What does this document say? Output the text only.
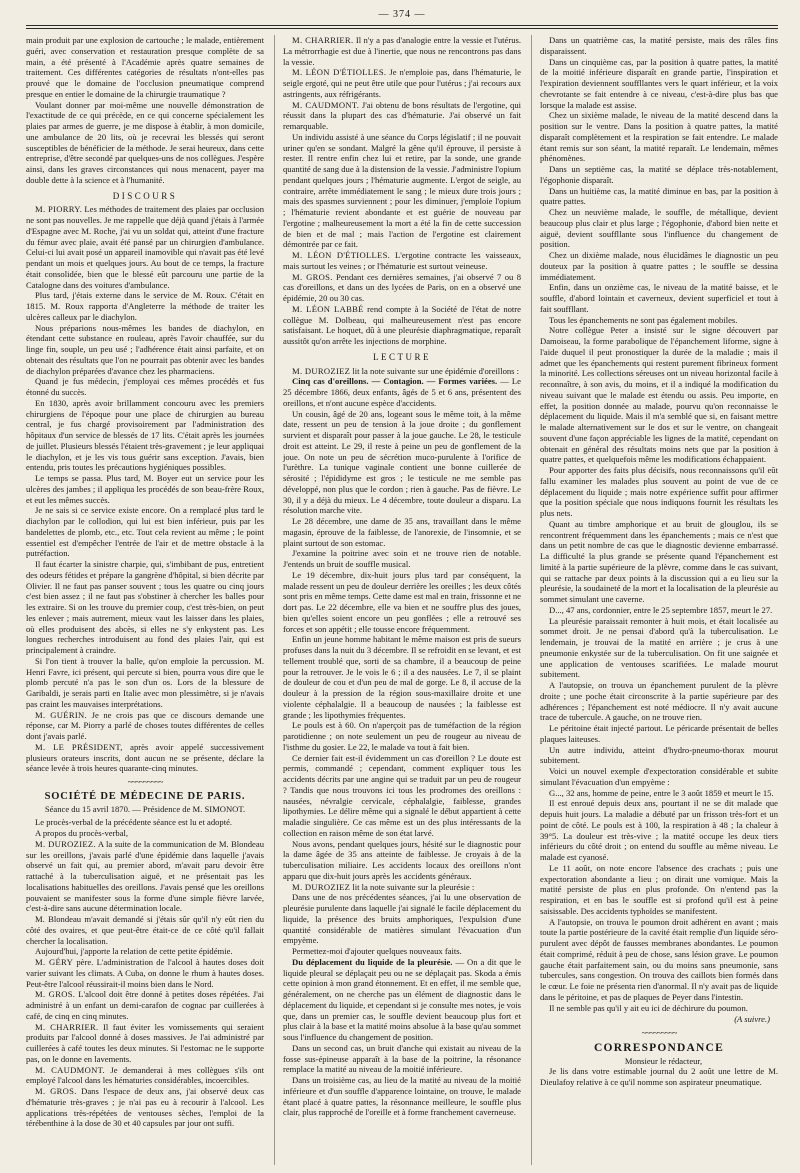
— 374 —

main produit par une explosion de cartouche ; le malade, entièrement guéri, avec conservation et restauration presque complète de sa main, a été présenté à l'Académie après quatre semaines de traitement. Ces différentes catégories de résultats n'ont-elles pas prouvé que le domaine de l'occlusion pneumatique comprend presque en entier le domaine de la chirurgie traumatique ?

Voulant donner par moi-même une nouvelle démonstration de l'exactitude de ce qui précède, en ce qui concerne spécialement les plaies par armes de guerre, je me dispose à établir, à mon domicile, une ambulance de 20 lits, où je recevrai les blessés qui seront susceptibles de bénéficier de la méthode. Je serai heureux, dans cette entreprise, d'être secondé par quelques-uns de nos collègues. J'espère ainsi, dans les graves circonstances qui nous menacent, payer ma double dette à la science et à l'humanité.

DISCOURS

M. PIORRY. Les méthodes de traitement des plaies par occlusion ne sont pas nouvelles. Je me rappelle que déjà quand j'étais à l'armée d'Espagne avec M. Roche, j'ai vu un soldat qui, atteint d'une fracture du fémur avec plaie, avait été pansé par un chirurgien d'ambulance. Celui-ci lui avait posé un appareil inamovible qui n'avait pas été levé pendant un mois et quelques jours. Au bout de ce temps, la fracture était consolidée, bien que le blessé eût parcouru une partie de la Catalogne dans des voitures d'ambulance.

Plus tard, j'étais externe dans le service de M. Roux. C'était en 1815. M. Roux rapporta d'Angleterre la méthode de traiter les ulcères calleux par le diachylon.

Nous préparions nous-mêmes les bandes de diachylon, en étendant cette substance en rouleau, après l'avoir chauffée, sur du linge fin, souple, un peu usé ; l'adhérence était ainsi parfaite, et on obtenait des résultats que l'on ne pourrait pas obtenir avec les bandes de diachylon préparées d'avance chez les pharmaciens.

Quand je fus médecin, j'employai ces mêmes procédés et fus étonné du succès.

En 1830, après avoir brillamment concouru avec les premiers chirurgiens de l'époque pour une place de chirurgien au bureau central, je fus chargé provisoirement par l'administration des hôpitaux d'un service de blessés de 17 lits. C'était après les journées de juillet. Plusieurs blessés l'étaient très-gravement ; je leur appliquai le diachylon, et je les vis tous guérir sans exception. J'avais, bien entendu, pris toutes les précautions hygiéniques possibles.

Le temps se passa. Plus tard, M. Boyer eut un service pour les ulcères des jambes ; il appliqua les procédés de son beau-frère Roux, et eut les mêmes succès.

Je ne sais si ce service existe encore. On a remplacé plus tard le diachylon par le collodion, qui lui est bien inférieur, puis par les bandelettes de plomb, etc., etc. Tout cela revient au même ; le point essentiel est d'empêcher l'entrée de l'air et de mettre obstacle à la putréfaction.

Il faut écarter la sinistre charpie, qui, s'imbibant de pus, entretient des odeurs fétides et prépare la gangrène d'hôpital, si bien décrite par Olivier. Il ne faut pas panser souvent ; tous les quatre ou cinq jours c'est bien assez ; il ne faut pas s'obstiner à chercher les balles pour les extraire. Si on les trouve du premier coup, c'est très-bien, on peut les enlever ; mais autrement, mieux vaut les laisser dans les plaies, où elles produisent des abcès, si elles ne s'y enkystent pas. Les longues recherches introduisent au fond des plaies l'air, qui est principalement à craindre.

Si l'on tient à trouver la balle, qu'on emploie la percussion. M. Henri Favre, ici présent, qui percute si bien, pourra vous dire que le plomb percuté n'a pas le son d'un os. Lors de la blessure de Garibaldi, je serais parti en Italie avec mon plessimètre, si je n'avais pas craint les mauvaises interprétations.

M. GUÉRIN. Je ne crois pas que ce discours demande une réponse, car M. Piorry a parlé de choses toutes différentes de celles dont j'avais parlé.

M. LE PRÉSIDENT, après avoir appelé successivement plusieurs orateurs inscrits, dont aucun ne se présente, déclare la séance levée à trois heures quarante-cinq minutes.

~~~~~~~~~
SOCIÉTÉ DE MÉDECINE DE PARIS.
Séance du 15 avril 1870. — Présidence de M. SIMONOT.

Le procès-verbal de la précédente séance est lu et adopté.

A propos du procès-verbal,

M. DUROZIEZ. A la suite de la communication de M. Blondeau sur les oreillons, j'avais parlé d'une épidémie dans laquelle j'avais observé un fait qui, au premier abord, m'avait paru devoir être rattaché à la tuberculisation aiguë, et ne présentait pas les localisations habituelles des oreillons. J'avais pensé que les oreillons pouvaient se manifester sous la forme d'une simple fièvre larvée, c'est-à-dire sans aucune détermination locale.

M. Blondeau m'avait demandé si j'étais sûr qu'il n'y eût rien du côté des ovaires, et que peut-être était-ce de ce côté qu'il fallait chercher la localisation.

Aujourd'hui, j'apporte la relation de cette petite épidémie.

M. GÉRY père. L'administration de l'alcool à hautes doses doit varier suivant les climats. A Cuba, on donne le rhum à hautes doses. Peut-être l'alcool réussirait-il moins bien dans le Nord.

M. GROS. L'alcool doit être donné à petites doses répétées. J'ai administré à un enfant un demi-carafon de cognac par cuillerées à café, de cinq en cinq minutes.

M. CHARRIER. Il faut éviter les vomissements qui seraient produits par l'alcool donné à doses massives. Je l'ai administré par cuillerées à café toutes les deux minutes. Si l'estomac ne le supporte pas, on le donne en lavements.

M. CAUDMONT. Je demanderai à mes collègues s'ils ont employé l'alcool dans les hématuries considérables, incoercibles.

M. GROS. Dans l'espace de deux ans, j'ai observé deux cas d'hématurie très-graves ; je n'ai pas eu à recourir à l'alcool. Les applications très-répétées de ventouses sèches, l'emploi de la térébenthine à la dose de 30 et 40 capsules par jour ont suffi.

M. CHARRIER. Il n'y a pas d'analogie entre la vessie et l'utérus. La métrorrhagie est due à l'inertie, que nous ne rencontrons pas dans la vessie.

M. LÉON D'ÉTIOLLES. Je n'emploie pas, dans l'hématurie, le seigle ergoté, qui ne peut être utile que pour l'utérus ; j'ai recours aux astringents, aux réfrigérants.

M. CAUDMONT. J'ai obtenu de bons résultats de l'ergotine, qui réussit dans la plupart des cas d'hématurie. J'ai observé un fait remarquable.

Un individu assisté à une séance du Corps législatif ; il ne pouvait uriner qu'en se sondant. Malgré la gêne qu'il éprouve, il persiste à rester. Il rentre enfin chez lui et retire, par la sonde, une grande quantité de sang due à la distension de la vessie. J'administre l'opium pendant quelques jours ; l'hématurie augmente. L'ergot de seigle, au contraire, arrête immédiatement le sang ; le mieux dure trois jours ; mais des spasmes surviennent ; pour les diminuer, j'emploie l'opium ; l'hématurie revient abondante et est guérie de nouveau par l'ergotine ; malheureusement la mort a été la fin de cette succession de bien et de mal ; mais l'action de l'ergotine est clairement démontrée par ce fait.

M. LÉON D'ÉTIOLLES. L'ergotine contracte les vaisseaux, mais surtout les veines ; or l'hématurie est surtout veineuse.

M. GROS. Pendant ces dernières semaines, j'ai observé 7 ou 8 cas d'oreillons, et dans un des lycées de Paris, on en a observé une épidémie, 20 ou 30 cas.

M. LÉON LABBÉ rend compte à la Société de l'état de notre collègue M. Dolbeau, qui malheureusement n'est pas encore satisfaisant. Le hoquet, dû à une pleurésie diaphragmatique, reparaît aussitôt qu'on arrête les injections de morphine.

LECTURE

M. DUROZIEZ lit la note suivante sur une épidémie d'oreillons :

Cinq cas d'oreillons. — Contagion. — Formes variées. — Le 25 décembre 1866, deux enfants, âgés de 5 et 6 ans, présentent des oreillons, et n'ont aucune espèce d'accidents.

Un cousin, âgé de 20 ans, logeant sous le même toit, à la même date, ressent un peu de tension à la joue droite ; du gonflement survient et disparaît pour passer à la joue gauche. Le 28, le testicule droit est atteint. Le 29, il reste à peine un peu de gonflement de la joue. On note un peu de sécrétion muco-purulente à l'orifice de l'urèthre. La tunique vaginale contient une bonne cuillerée de sérosité ; l'épididyme est gros ; le testicule ne me semble pas développé, non plus que le cordon ; rien à gauche. Pas de fièvre. Le 30, il y a déjà du mieux. Le 4 décembre, toute douleur a disparu. La résolution marche vite.

Le 28 décembre, une dame de 35 ans, travaillant dans le même magasin, éprouve de la faiblesse, de l'anorexie, de l'insomnie, et se plaint surtout de son estomac.

J'examine la poitrine avec soin et ne trouve rien de notable. J'entends un bruit de souffle musical.

Le 19 décembre, dix-huit jours plus tard par conséquent, la malade ressent un peu de douleur derrière les oreilles ; les deux côtés sont pris en même temps. Cette dame est mal en train, frissonne et ne dort pas. Le 22 décembre, elle va bien et ne souffre plus des joues, bien qu'elles soient encore un peu gonflées ; elle a retrouvé ses forces et son appétit ; elle tousse encore fréquemment.

Enfin un jeune homme habitant le même maison est pris de sueurs profuses dans la nuit du 3 décembre. Il se refroidit en se levant, et est tellement troublé que, sorti de sa chambre, il a beaucoup de peine pour la retrouver. Je le vois le 6 ; il a des nausées. Le 7, il se plaint de douleur de cou et d'un peu de mal de gorge. Le 8, il accuse de la douleur à la pression de la région sous-maxillaire droite et une violente céphalalgie. Il a beaucoup de nausées ; la faiblesse est grande ; les lipothymies fréquentes.

Le pouls est à 60. On n'aperçoit pas de tuméfaction de la région parotidienne ; on note seulement un peu de rougeur au niveau de l'isthme du gosier. Le 22, le malade va tout à fait bien.

Ce dernier fait est-il évidemment un cas d'oreillon ? Le doute est permis, commandé ; cependant, comment expliquer tous les accidents décrits par une angine qui se traduit par un peu de rougeur ? Tandis que nous trouvons ici tous les prodromes des oreillons : nausées, névralgie cervicale, céphalalgie, faiblesse, grandes lipothymies. Le délire même qui a signalé le début appartient à cette maladie singulière. Ce cas même est un des plus intéressants de la collection en raison même de son état larvé.

Nous avons, pendant quelques jours, hésité sur le diagnostic pour la dame âgée de 35 ans atteinte de faiblesse. Je croyais à de la tuberculisation miliaire. Les accidents locaux des oreillons n'ont apparu que dix-huit jours après les accidents généraux.

M. DUROZIEZ lit la note suivante sur la pleurésie :

Dans une de nos précédentes séances, j'ai lu une observation de pleurésie purulente dans laquelle j'ai signalé le facile déplacement du liquide, la présence des bruits amphoriques, l'expulsion d'une quantité considérable de matières simulant l'évacuation d'un empyème.

Permettez-moi d'ajouter quelques nouveaux faits.

Du déplacement du liquide de la pleurésie. — On a dit que le liquide pleural se déplaçait peu ou ne se déplaçait pas. Skoda a émis cette opinion à mon grand étonnement. Et en effet, il me semble que, généralement, on ne cherche pas un élément de diagnostic dans le déplacement du liquide, et cependant si je consulte mes notes, je vois que, dans un premier cas, le souffle devient beaucoup plus fort et plus clair à la base et la matité moins absolue à la base qu'au sommet sous l'influence du changement de position.

Dans un second cas, un bruit d'anche qui existait au niveau de la fosse sus-épineuse apparaît à la base de la poitrine, la résonance remplace la matité au niveau de la moitié inférieure.

Dans un troisième cas, au lieu de la matité au niveau de la moitié inférieure et d'un souffle d'apparence lointaine, on trouve, le malade étant placé à quatre pattes, la résonnance meilleure, le souffle plus clair, plus rapproché de l'oreille et à forme franchement caverneuse.

Dans un quatrième cas, la matité persiste, mais des râles fins disparaissent.

Dans un cinquième cas, par la position à quatre pattes, la matité de la moitié inférieure disparaît en grande partie, l'inspiration et l'expiration deviennent souffllantes vers le quart inférieur, et la voix chevrotante se fait entendre à ce niveau, c'est-à-dire plus bas que lorsque la malade est assise.

Chez un sixième malade, le niveau de la matité descend dans la position sur le ventre. Dans la position à quatre pattes, la matité disparaît complètement et la respiration se fait entendre. Le malade étant remis sur son séant, la matité reparaît. Le lendemain, mêmes phénomènes.

Dans un septième cas, la matité se déplace très-notablement, l'égophonie disparaît.

Dans un huitième cas, la matité diminue en bas, par la position à quatre pattes.

Chez un neuvième malade, le souffle, de métallique, devient beaucoup plus clair et plus large ; l'égophonie, d'abord bien nette et aiguë, devient souffllante sous l'influence du changement de position.

Chez un dixième malade, nous élucidâmes le diagnostic un peu douteux par la position à quatre pattes ; le souffle se dessina immédiatement.

Enfin, dans un onzième cas, le niveau de la matité baisse, et le souffle, d'abord lointain et caverneux, devient superficiel et tout à fait souffllant.

Tous les épanchements ne sont pas également mobiles.

Notre collègue Peter a insisté sur le signe découvert par Damoiseau, la forme parabolique de l'épanchement liforme, signe à l'aide duquel il peut pronostiquer la durée de la maladie ; mais il admet que les épanchements qui restent purement fibrineux forment la minorité. Les collections séreuses ont un niveau horizontal facile à reconnaître, à son avis, du moins, et il a indiqué la modification du niveau suivant que le malade est étendu ou assis. Peu importe, en effet, la position donnée au malade, pourvu qu'on reconnaisse le déplacement du liquide. Mais il m'a semblé que si, en faisant mettre le malade alternativement sur le dos et sur le ventre, on changeait souvent d'une façon appréciable les lignes de la matité, cependant on obtenait en général des résultats moins nets que par la position à quatre pattes, et quelquefois même les modifications échappaient.

Pour apporter des faits plus décisifs, nous reconnaissons qu'il eût fallu examiner les malades plus souvent au point de vue de ce déplacement du liquide ; mais notre expérience suffit pour affirmer que la position spéciale que nous indiquons fournit les résultats les plus nets.

Quant au timbre amphorique et au bruit de glouglou, ils se rencontrent fréquemment dans les épanchements ; mais ce n'est que dans un petit nombre de cas que le diagnostic devienne embarrassé. La difficulté la plus grande se présente quand l'épanchement est limité à la partie supérieure de la plèvre, comme dans le cas suivant, qui se rattache par deux points à la discussion qui a eu lieu sur la pleurésie, la soudaineté de la mort et la localisation de la pleurésie au sommet simulant une caverne.

D..., 47 ans, cordonnier, entre le 25 septembre 1857, meurt le 27.

La pleurésie paraissait remonter à huit mois, et était localisée au sommet droit. Je ne pensai d'abord qu'à la tuberculisation. Le lendemain, je trouvai de la matité en arrière ; je crus à une pneumonie enkystée sur de la tuberculisation. On fit une saignée et une application de ventouses scarifiées. Le malade mourut subitement.

A l'autopsie, on trouva un épanchement purulent de la plèvre droite ; une poche était circonscrite à la partie supérieure par des adhérences ; l'épanchement est noté médiocre. Il n'y avait aucune trace de tubercule. A gauche, on ne trouve rien.

Le péritoine était injecté partout. Le péricarde présentait de belles plaques laiteuses.

Un autre individu, atteint d'hydro-pneumo-thorax mourut subitement.

Voici un nouvel exemple d'expectoration considérable et subite simulant l'évacuation d'un empyème :

G..., 32 ans, homme de peine, entre le 3 août 1859 et meurt le 15.

Il est enroué depuis deux ans, pourtant il ne se dit malade que depuis huit jours. La maladie a débuté par un frisson très-fort et un point de côté. Le pouls est à 100, la respiration à 48 ; la chaleur à 39°5. La douleur est très-vive ; la matité occupe les deux tiers inférieurs du côté droit ; on entend du souffle au même niveau. Le malade est cyanosé.

Le 11 août, on note encore l'absence des crachats ; puis une expectoration abondante a lieu ; on dirait une vomique. Mais la matité persiste de plus en plus profonde. On n'entend pas la respiration, et en bas le souffle est si profond qu'il est à peine saisissable. Des accidents typhoïdes se manifestent.

A l'autopsie, on trouva le poumon droit adhérent en avant ; mais toute la partie postérieure de la cavité était remplie d'un liquide séro-purulent avec dépôt de fausses membranes abondantes. Le poumon était comprimé, réduit à peu de chose, sans lésion grave. Le poumon gauche était parfaitement sain, ou du moins sans pneumonie, sans tubercules, sans congestion. On trouva des caillots bien formés dans le cœur. Le foie ne présenta rien d'anormal. Il n'y avait pas de liquide dans le péritoine, et pas de plaques de Peyer dans l'intestin.

Il ne semble pas qu'il y ait eu ici de déchirure du poumon.

(A suivre.)
~~~~~~~~~
CORRESPONDANCE

Monsieur le rédacteur,

Je lis dans votre estimable journal du 2 août une lettre de M. Dieulafoy relative à ce qu'il nomme son aspirateur pneumatique.
